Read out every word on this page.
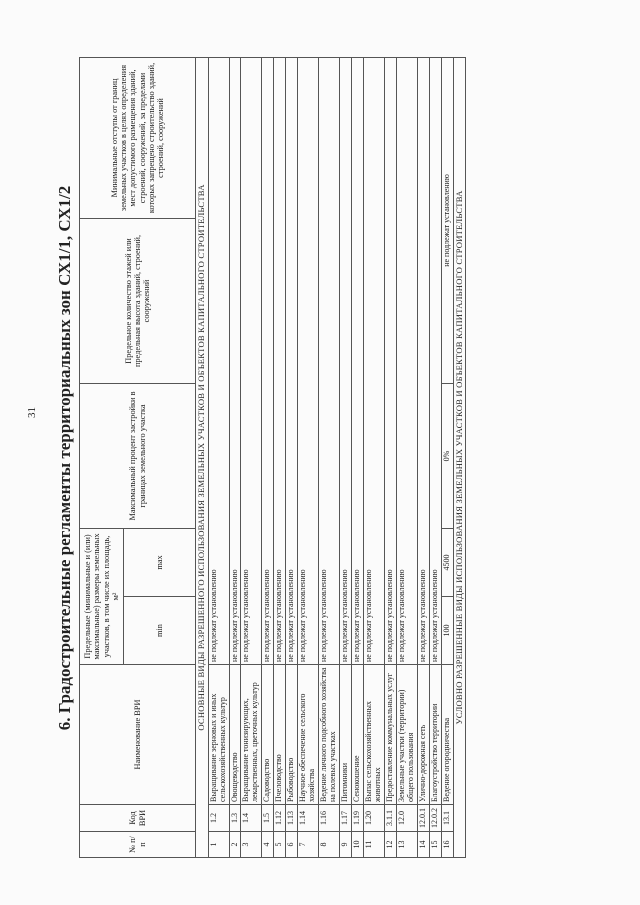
31 6. Градостроительные регламенты территориальных зон СХ1/1, СХ1/2
№ п/п	Код ВРИ	Наименование ВРИ	Предельные (минимальные и (или) максимальные) размеры земельных участков, в том числе их площадь, м²		Максимальный процент застройки в границах земельного участка	Предельное количество этажей или предельная высота зданий, строений, сооружений	Минимальные отступы от границ земельных участков в целях определения мест допустимого размещения зданий, строений, сооружений, за пределами которых запрещено строительство зданий, строений, сооружений
			min	max			
ОСНОВНЫЕ ВИДЫ РАЗРЕШЕННОГО ИСПОЛЬЗОВАНИЯ ЗЕМЕЛЬНЫХ УЧАСТКОВ И ОБЪЕКТОВ КАПИТАЛЬНОГО СТРОИТЕЛЬСТВА							
1	1.2	Выращивание зерновых и иных сельскохозяйственных культур	не подлежат установлению				
2	1.3	Овощеводство	не подлежат установлению				
3	1.4	Выращивание тонизирующих, лекарственных, цветочных культур	не подлежат установлению				
4	1.5	Садоводство	не подлежат установлению				
5	1.12	Пчеловодство	не подлежат установлению				
6	1.13	Рыбоводство	не подлежат установлению				
7	1.14	Научное обеспечение сельского хозяйства	не подлежат установлению				
8	1.16	Ведение личного подсобного хозяйства на полевых участках	не подлежат установлению				
9	1.17	Питомники	не подлежат установлению				
10	1.19	Сенокошение	не подлежат установлению				
11	1.20	Выпас сельскохозяйственных животных	не подлежат установлению				
12	3.1.1	Предоставление коммунальных услуг	не подлежат установлению				
13	12.0	Земельные участки (территории) общего пользования	не подлежат установлению				
14	12.0.1	Улично-дорожная сеть	не подлежат установлению				
15	12.0.2	Благоустройство территории	не подлежат установлению				
16	13.1	Ведение огородничества	100	4500	0%	не подлежат установлению	
УСЛОВНО РАЗРЕШЕННЫЕ ВИДЫ ИСПОЛЬЗОВАНИЯ ЗЕМЕЛЬНЫХ УЧАСТКОВ И ОБЪЕКТОВ КАПИТАЛЬНОГО СТРОИТЕЛЬСТВА							
